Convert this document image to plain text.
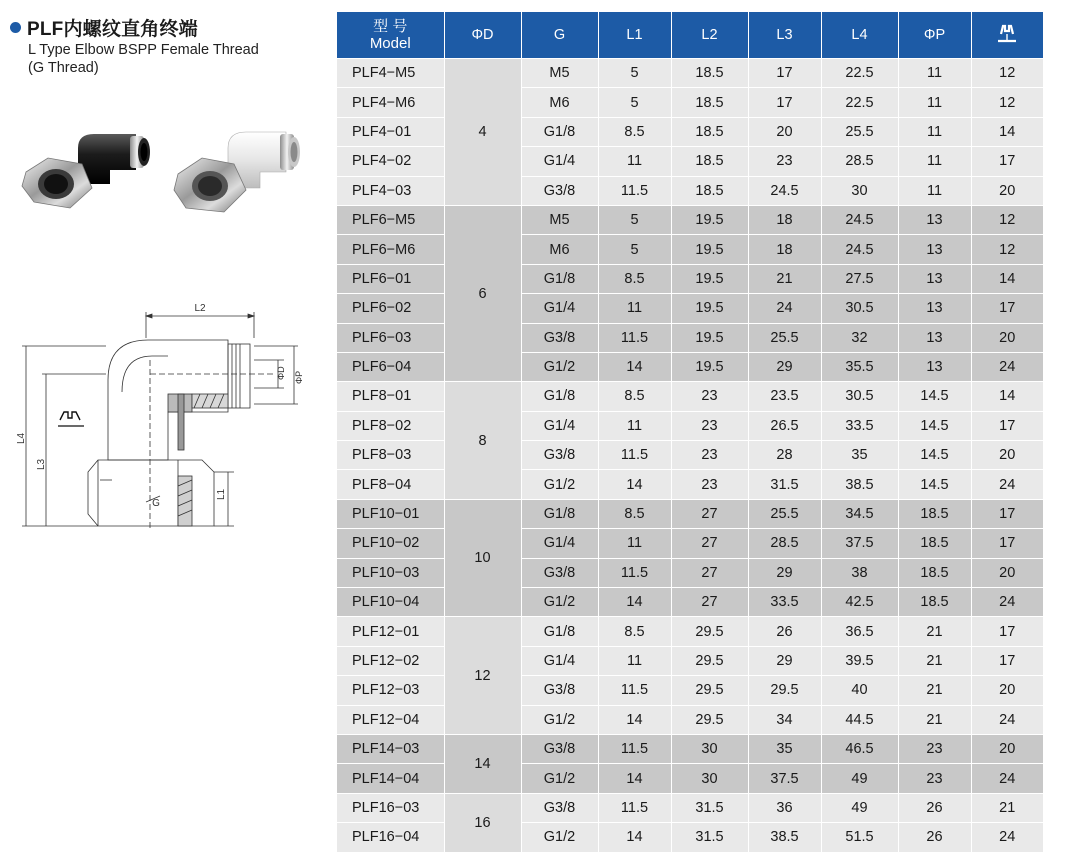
PLF内螺纹直角终端
L Type Elbow BSPP Female Thread
(G Thread)
L2
G
ΦD ΦP
L4
L3
L1
型 号
Model	ΦD	G	L1	L2	L3	L4	ΦP	
PLF4−M5	4	M5	5	18.5	17	22.5	11	12
PLF4−M6		M6	5	18.5	17	22.5	11	12
PLF4−01		G1/8	8.5	18.5	20	25.5	11	14
PLF4−02		G1/4	11	18.5	23	28.5	11	17
PLF4−03		G3/8	11.5	18.5	24.5	30	11	20
PLF6−M5	6	M5	5	19.5	18	24.5	13	12
PLF6−M6		M6	5	19.5	18	24.5	13	12
PLF6−01		G1/8	8.5	19.5	21	27.5	13	14
PLF6−02		G1/4	11	19.5	24	30.5	13	17
PLF6−03		G3/8	11.5	19.5	25.5	32	13	20
PLF6−04		G1/2	14	19.5	29	35.5	13	24
PLF8−01	8	G1/8	8.5	23	23.5	30.5	14.5	14
PLF8−02		G1/4	11	23	26.5	33.5	14.5	17
PLF8−03		G3/8	11.5	23	28	35	14.5	20
PLF8−04		G1/2	14	23	31.5	38.5	14.5	24
PLF10−01	10	G1/8	8.5	27	25.5	34.5	18.5	17
PLF10−02		G1/4	11	27	28.5	37.5	18.5	17
PLF10−03		G3/8	11.5	27	29	38	18.5	20
PLF10−04		G1/2	14	27	33.5	42.5	18.5	24
PLF12−01	12	G1/8	8.5	29.5	26	36.5	21	17
PLF12−02		G1/4	11	29.5	29	39.5	21	17
PLF12−03		G3/8	11.5	29.5	29.5	40	21	20
PLF12−04		G1/2	14	29.5	34	44.5	21	24
PLF14−03	14	G3/8	11.5	30	35	46.5	23	20
PLF14−04		G1/2	14	30	37.5	49	23	24
PLF16−03	16	G3/8	11.5	31.5	36	49	26	21
PLF16−04		G1/2	14	31.5	38.5	51.5	26	24
